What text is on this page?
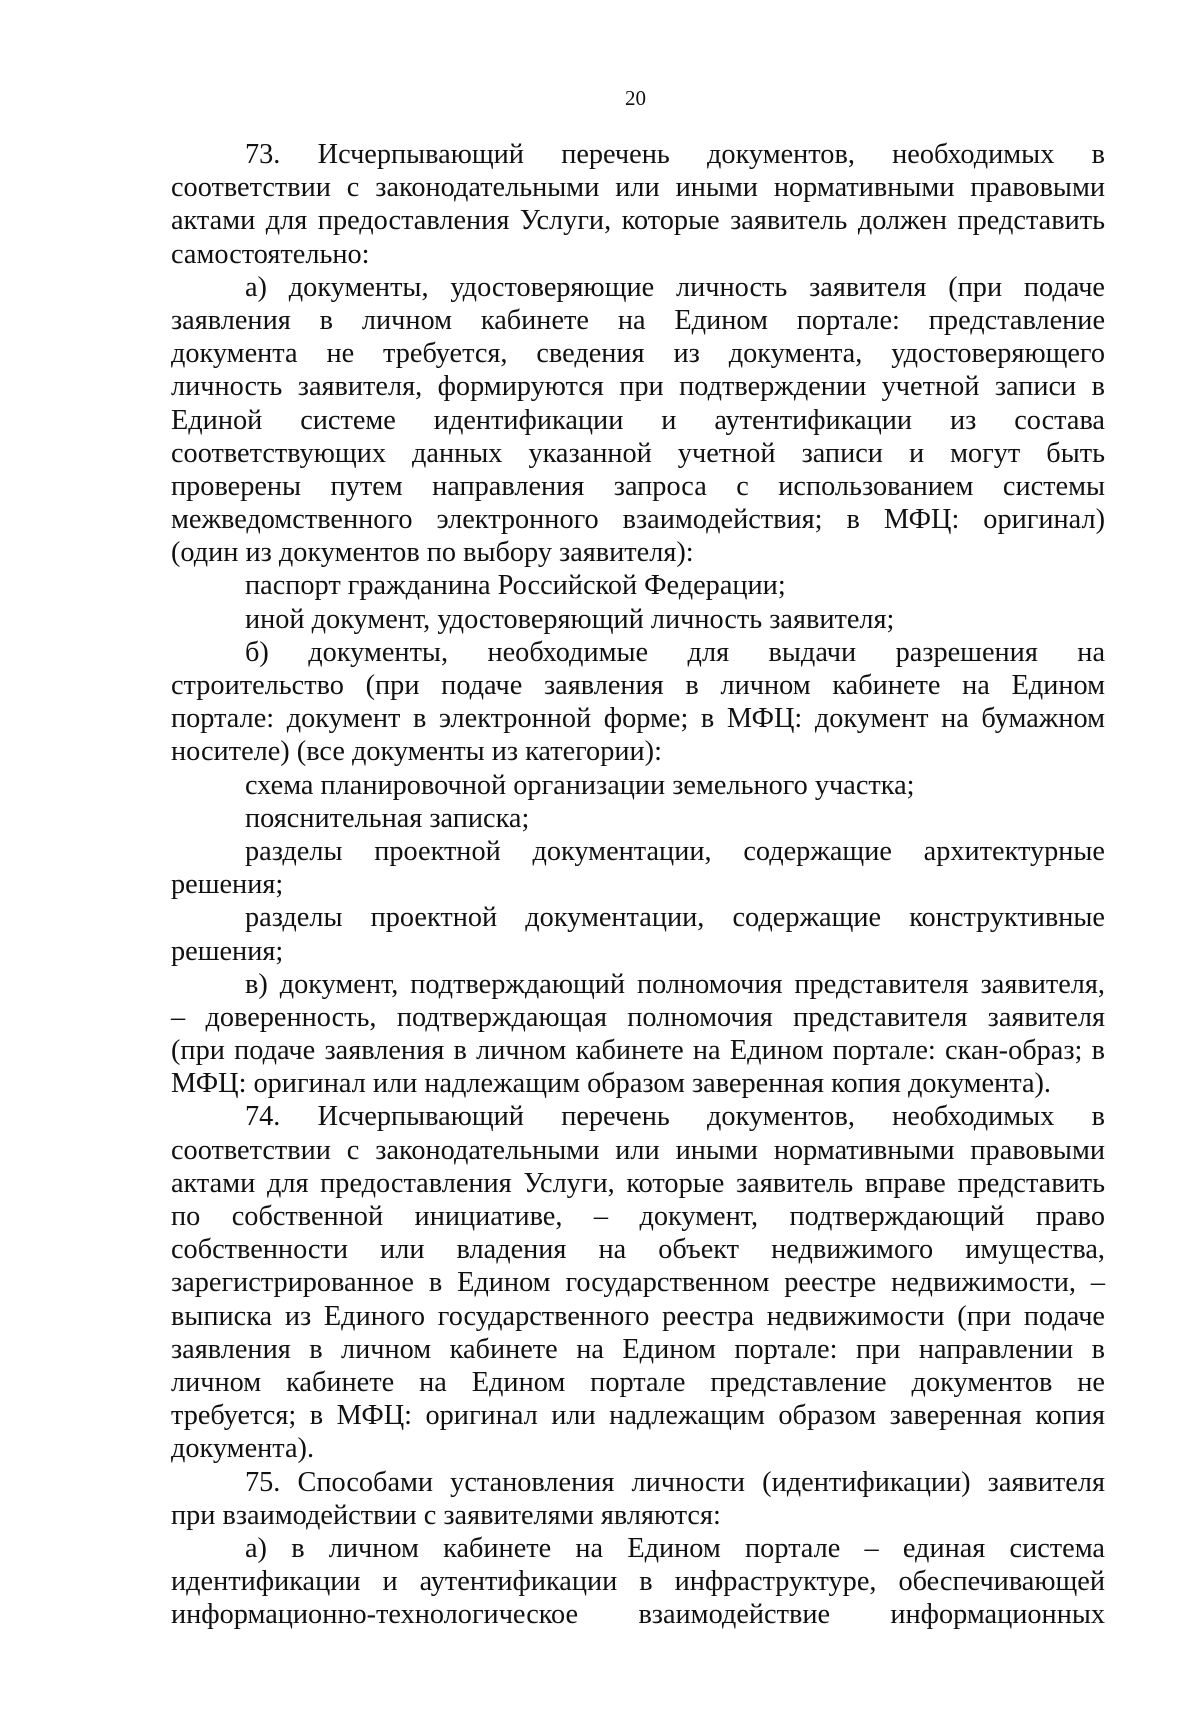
20
73. Исчерпывающий перечень документов, необходимых в
соответствии с законодательными или иными нормативными правовыми
актами для предоставления Услуги, которые заявитель должен представить
самостоятельно:
а) документы, удостоверяющие личность заявителя (при подаче
заявления в личном кабинете на Едином портале: представление
документа не требуется, сведения из документа, удостоверяющего
личность заявителя, формируются при подтверждении учетной записи в
Единой системе идентификации и аутентификации из состава
соответствующих данных указанной учетной записи и могут быть
проверены путем направления запроса с использованием системы
межведомственного электронного взаимодействия; в МФЦ: оригинал)
(один из документов по выбору заявителя):
паспорт гражданина Российской Федерации;
иной документ, удостоверяющий личность заявителя;
б) документы, необходимые для выдачи разрешения на
строительство (при подаче заявления в личном кабинете на Едином
портале: документ в электронной форме; в МФЦ: документ на бумажном
носителе) (все документы из категории):
схема планировочной организации земельного участка;
пояснительная записка;
разделы проектной документации, содержащие архитектурные
решения;
разделы проектной документации, содержащие конструктивные
решения;
в) документ, подтверждающий полномочия представителя заявителя,
– доверенность, подтверждающая полномочия представителя заявителя
(при подаче заявления в личном кабинете на Едином портале: скан-образ; в
МФЦ: оригинал или надлежащим образом заверенная копия документа).
74. Исчерпывающий перечень документов, необходимых в
соответствии с законодательными или иными нормативными правовыми
актами для предоставления Услуги, которые заявитель вправе представить
по собственной инициативе, – документ, подтверждающий право
собственности или владения на объект недвижимого имущества,
зарегистрированное в Едином государственном реестре недвижимости, –
выписка из Единого государственного реестра недвижимости (при подаче
заявления в личном кабинете на Едином портале: при направлении в
личном кабинете на Едином портале представление документов не
требуется; в МФЦ: оригинал или надлежащим образом заверенная копия
документа).
75. Способами установления личности (идентификации) заявителя
при взаимодействии с заявителями являются:
а) в личном кабинете на Едином портале – единая система
идентификации и аутентификации в инфраструктуре, обеспечивающей
информационно-технологическое взаимодействие информационных
